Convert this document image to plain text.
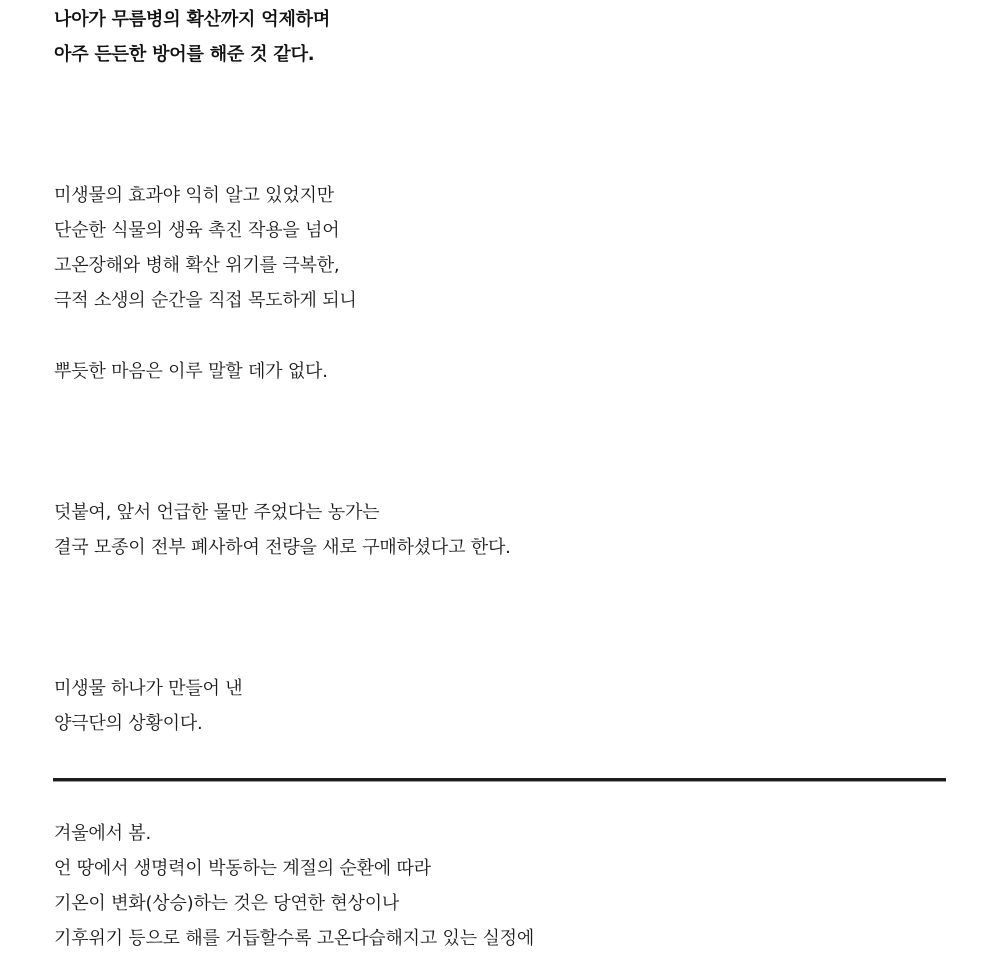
나아가 무름병의 확산까지 억제하며
아주 든든한 방어를 해준 것 같다.
미생물의 효과야 익히 알고 있었지만
단순한 식물의 생육 촉진 작용을 넘어
고온장해와 병해 확산 위기를 극복한,
극적 소생의 순간을 직접 목도하게 되니
뿌듯한 마음은 이루 말할 데가 없다.
덧붙여, 앞서 언급한 물만 주었다는 농가는
결국 모종이 전부 폐사하여 전량을 새로 구매하셨다고 한다.
미생물 하나가 만들어 낸
양극단의 상황이다.
겨울에서 봄.
언 땅에서 생명력이 박동하는 계절의 순환에 따라
기온이 변화(상승)하는 것은 당연한 현상이나
기후위기 등으로 해를 거듭할수록 고온다습해지고 있는 실정에
